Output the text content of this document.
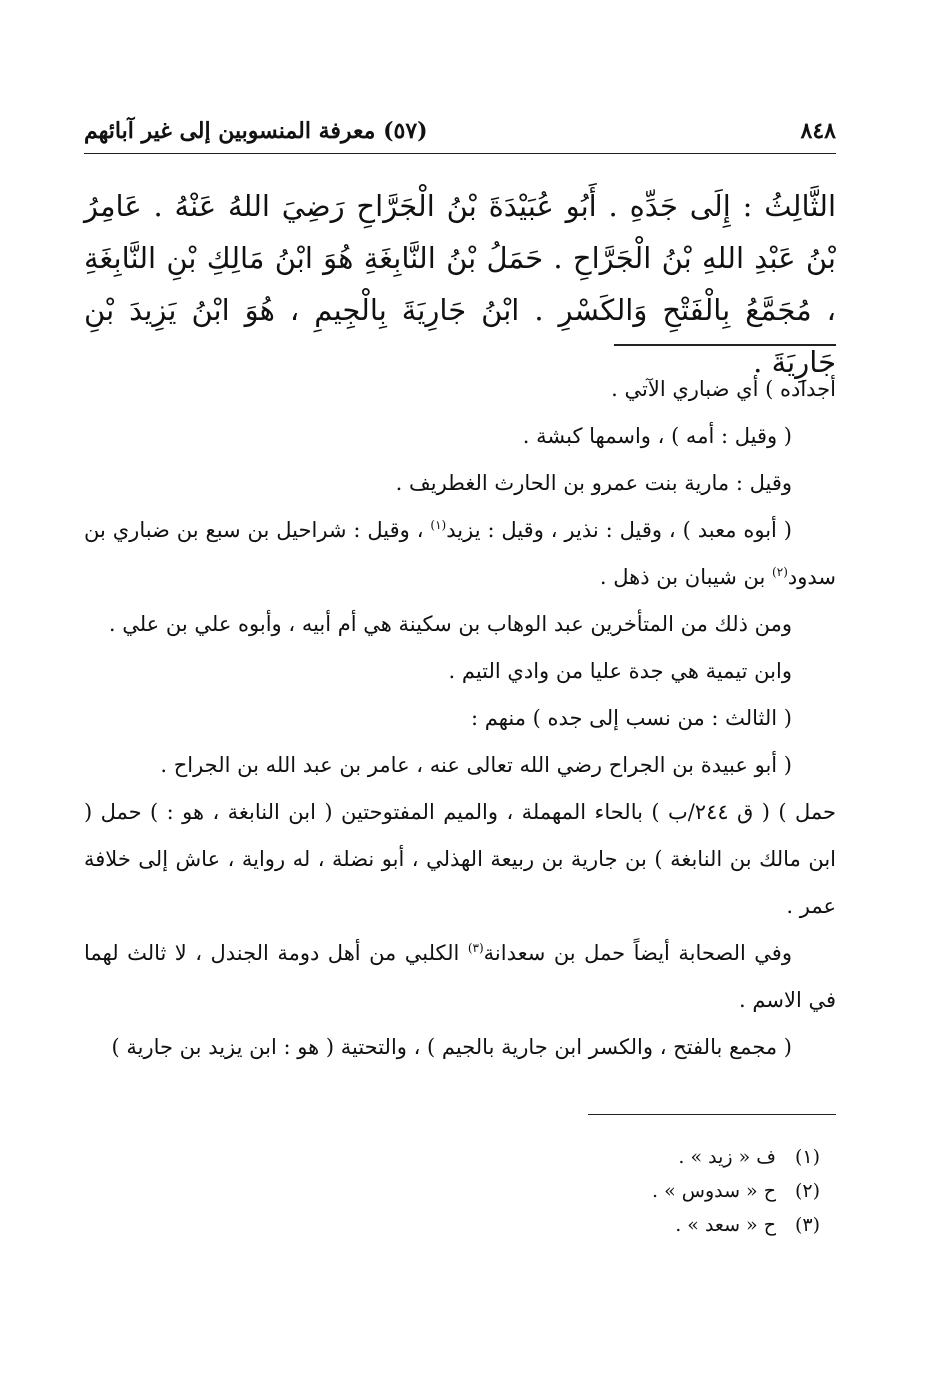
٨٤٨
(٥٧) معرفة المنسوبين إلى غير آبائهم

الثَّالِثُ : إِلَى جَدِّهِ . أَبُو عُبَيْدَةَ بْنُ الْجَرَّاحِ رَضِيَ اللهُ عَنْهُ . عَامِرُ بْنُ عَبْدِ اللهِ بْنُ الْجَرَّاحِ . حَمَلُ بْنُ النَّابِغَةِ هُوَ ابْنُ مَالِكِ بْنِ النَّابِغَةِ ، مُجَمَّعُ بِالْفَتْحِ وَالكَسْرِ . ابْنُ جَارِيَةَ بِالْجِيمِ ، هُوَ ابْنُ يَزِيدَ بْنِ جَارِيَةَ .

أجداده ) أي ضباري الآتي .

( وقيل : أمه ) ، واسمها كبشة .

وقيل : مارية بنت عمرو بن الحارث الغطريف .

( أبوه معبد ) ، وقيل : نذير ، وقيل : يزيد$^{(١)}$ ، وقيل : شراحيل بن سبع بن ضباري بن سدود$^{(٢)}$ بن شيبان بن ذهل .

ومن ذلك من المتأخرين عبد الوهاب بن سكينة هي أم أبيه ، وأبوه علي بن علي .

وابن تيمية هي جدة عليا من وادي التيم .

( الثالث : من نسب إلى جده ) منهم :

( أبو عبيدة بن الجراح رضي الله تعالى عنه ، عامر بن عبد الله بن الجراح .

حمل ) ( ق ٢٤٤/ب ) بالحاء المهملة ، والميم المفتوحتين ( ابن النابغة ، هو : ) حمل ( ابن مالك بن النابغة ) بن جارية بن ربيعة الهذلي ، أبو نضلة ، له رواية ، عاش إلى خلافة عمر .

وفي الصحابة أيضاً حمل بن سعدانة$^{(٣)}$ الكلبي من أهل دومة الجندل ، لا ثالث لهما في الاسم .

( مجمع بالفتح ، والكسر ابن جارية بالجيم ) ، والتحتية ( هو : ابن يزيد بن جارية )

(١)ف « زيد » .

(٢)ح « سدوس » .

(٣)ح « سعد » .
